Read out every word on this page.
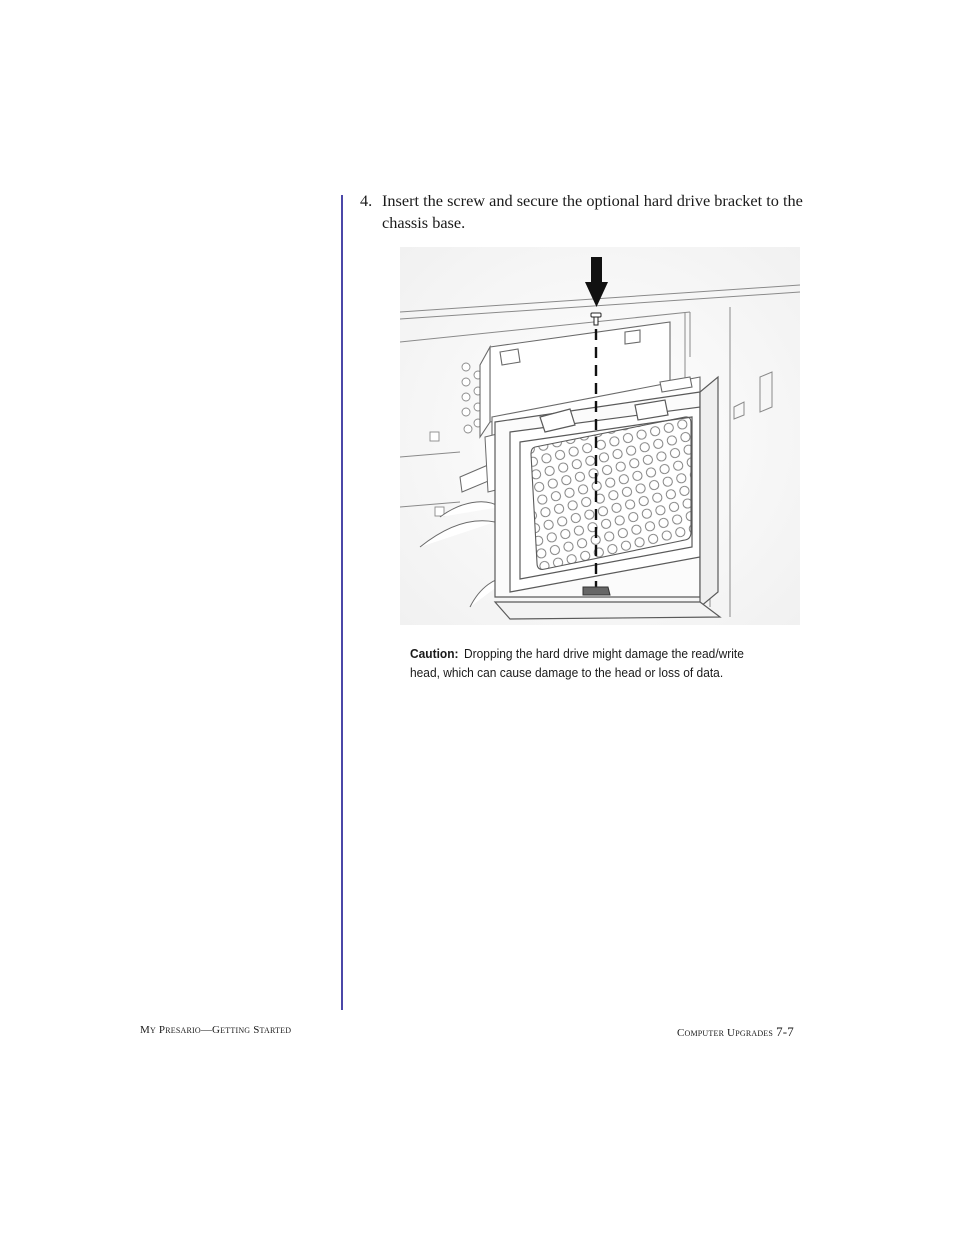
4. Insert the screw and secure the optional hard drive bracket to the chassis base.
Caution: Dropping the hard drive might damage the read/write head, which can cause damage to the head or loss of data.
My Presario—Getting Started	Computer Upgrades 7-7
